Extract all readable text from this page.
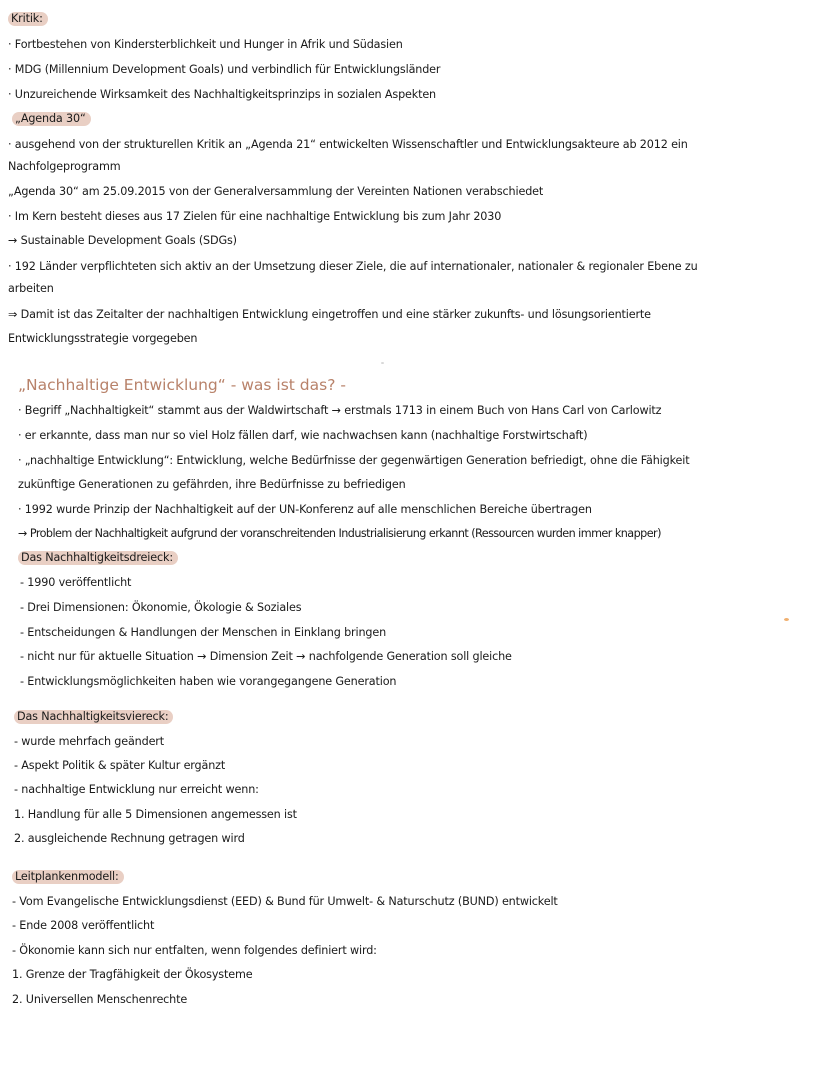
Kritik:
· Fortbestehen von Kindersterblichkeit und Hunger in Afrik und Südasien
· MDG (Millennium Development Goals) und verbindlich für Entwicklungsländer
· Unzureichende Wirksamkeit des Nachhaltigkeitsprinzips in sozialen Aspekten
„Agenda 30“
· ausgehend von der strukturellen Kritik an „Agenda 21“ entwickelten Wissenschaftler und Entwicklungsakteure ab 2012 ein
Nachfolgeprogramm
„Agenda 30“ am 25.09.2015 von der Generalversammlung der Vereinten Nationen verabschiedet
· Im Kern besteht dieses aus 17 Zielen für eine nachhaltige Entwicklung bis zum Jahr 2030
→ Sustainable Development Goals (SDGs)
· 192 Länder verpflichteten sich aktiv an der Umsetzung dieser Ziele, die auf internationaler, nationaler & regionaler Ebene zu
arbeiten
⇒ Damit ist das Zeitalter der nachhaltigen Entwicklung eingetroffen und eine stärker zukunfts- und lösungsorientierte
Entwicklungsstrategie vorgegeben
„Nachhaltige Entwicklung“ - was ist das? -
· Begriff „Nachhaltigkeit“ stammt aus der Waldwirtschaft → erstmals 1713 in einem Buch von Hans Carl von Carlowitz
· er erkannte, dass man nur so viel Holz fällen darf, wie nachwachsen kann (nachhaltige Forstwirtschaft)
· „nachhaltige Entwicklung“: Entwicklung, welche Bedürfnisse der gegenwärtigen Generation befriedigt, ohne die Fähigkeit
zukünftige Generationen zu gefährden, ihre Bedürfnisse zu befriedigen
· 1992 wurde Prinzip der Nachhaltigkeit auf der UN-Konferenz auf alle menschlichen Bereiche übertragen
→ Problem der Nachhaltigkeit aufgrund der voranschreitenden Industrialisierung erkannt (Ressourcen wurden immer knapper)
Das Nachhaltigkeitsdreieck:
- 1990 veröffentlicht
- Drei Dimensionen: Ökonomie, Ökologie & Soziales
- Entscheidungen & Handlungen der Menschen in Einklang bringen
- nicht nur für aktuelle Situation → Dimension Zeit → nachfolgende Generation soll gleiche
- Entwicklungsmöglichkeiten haben wie vorangegangene Generation
Das Nachhaltigkeitsviereck:
- wurde mehrfach geändert
- Aspekt Politik & später Kultur ergänzt
- nachhaltige Entwicklung nur erreicht wenn:
1. Handlung für alle 5 Dimensionen angemessen ist
2. ausgleichende Rechnung getragen wird
Leitplankenmodell:
- Vom Evangelische Entwicklungsdienst (EED) & Bund für Umwelt- & Naturschutz (BUND) entwickelt
- Ende 2008 veröffentlicht
- Ökonomie kann sich nur entfalten, wenn folgendes definiert wird:
1. Grenze der Tragfähigkeit der Ökosysteme
2. Universellen Menschenrechte
